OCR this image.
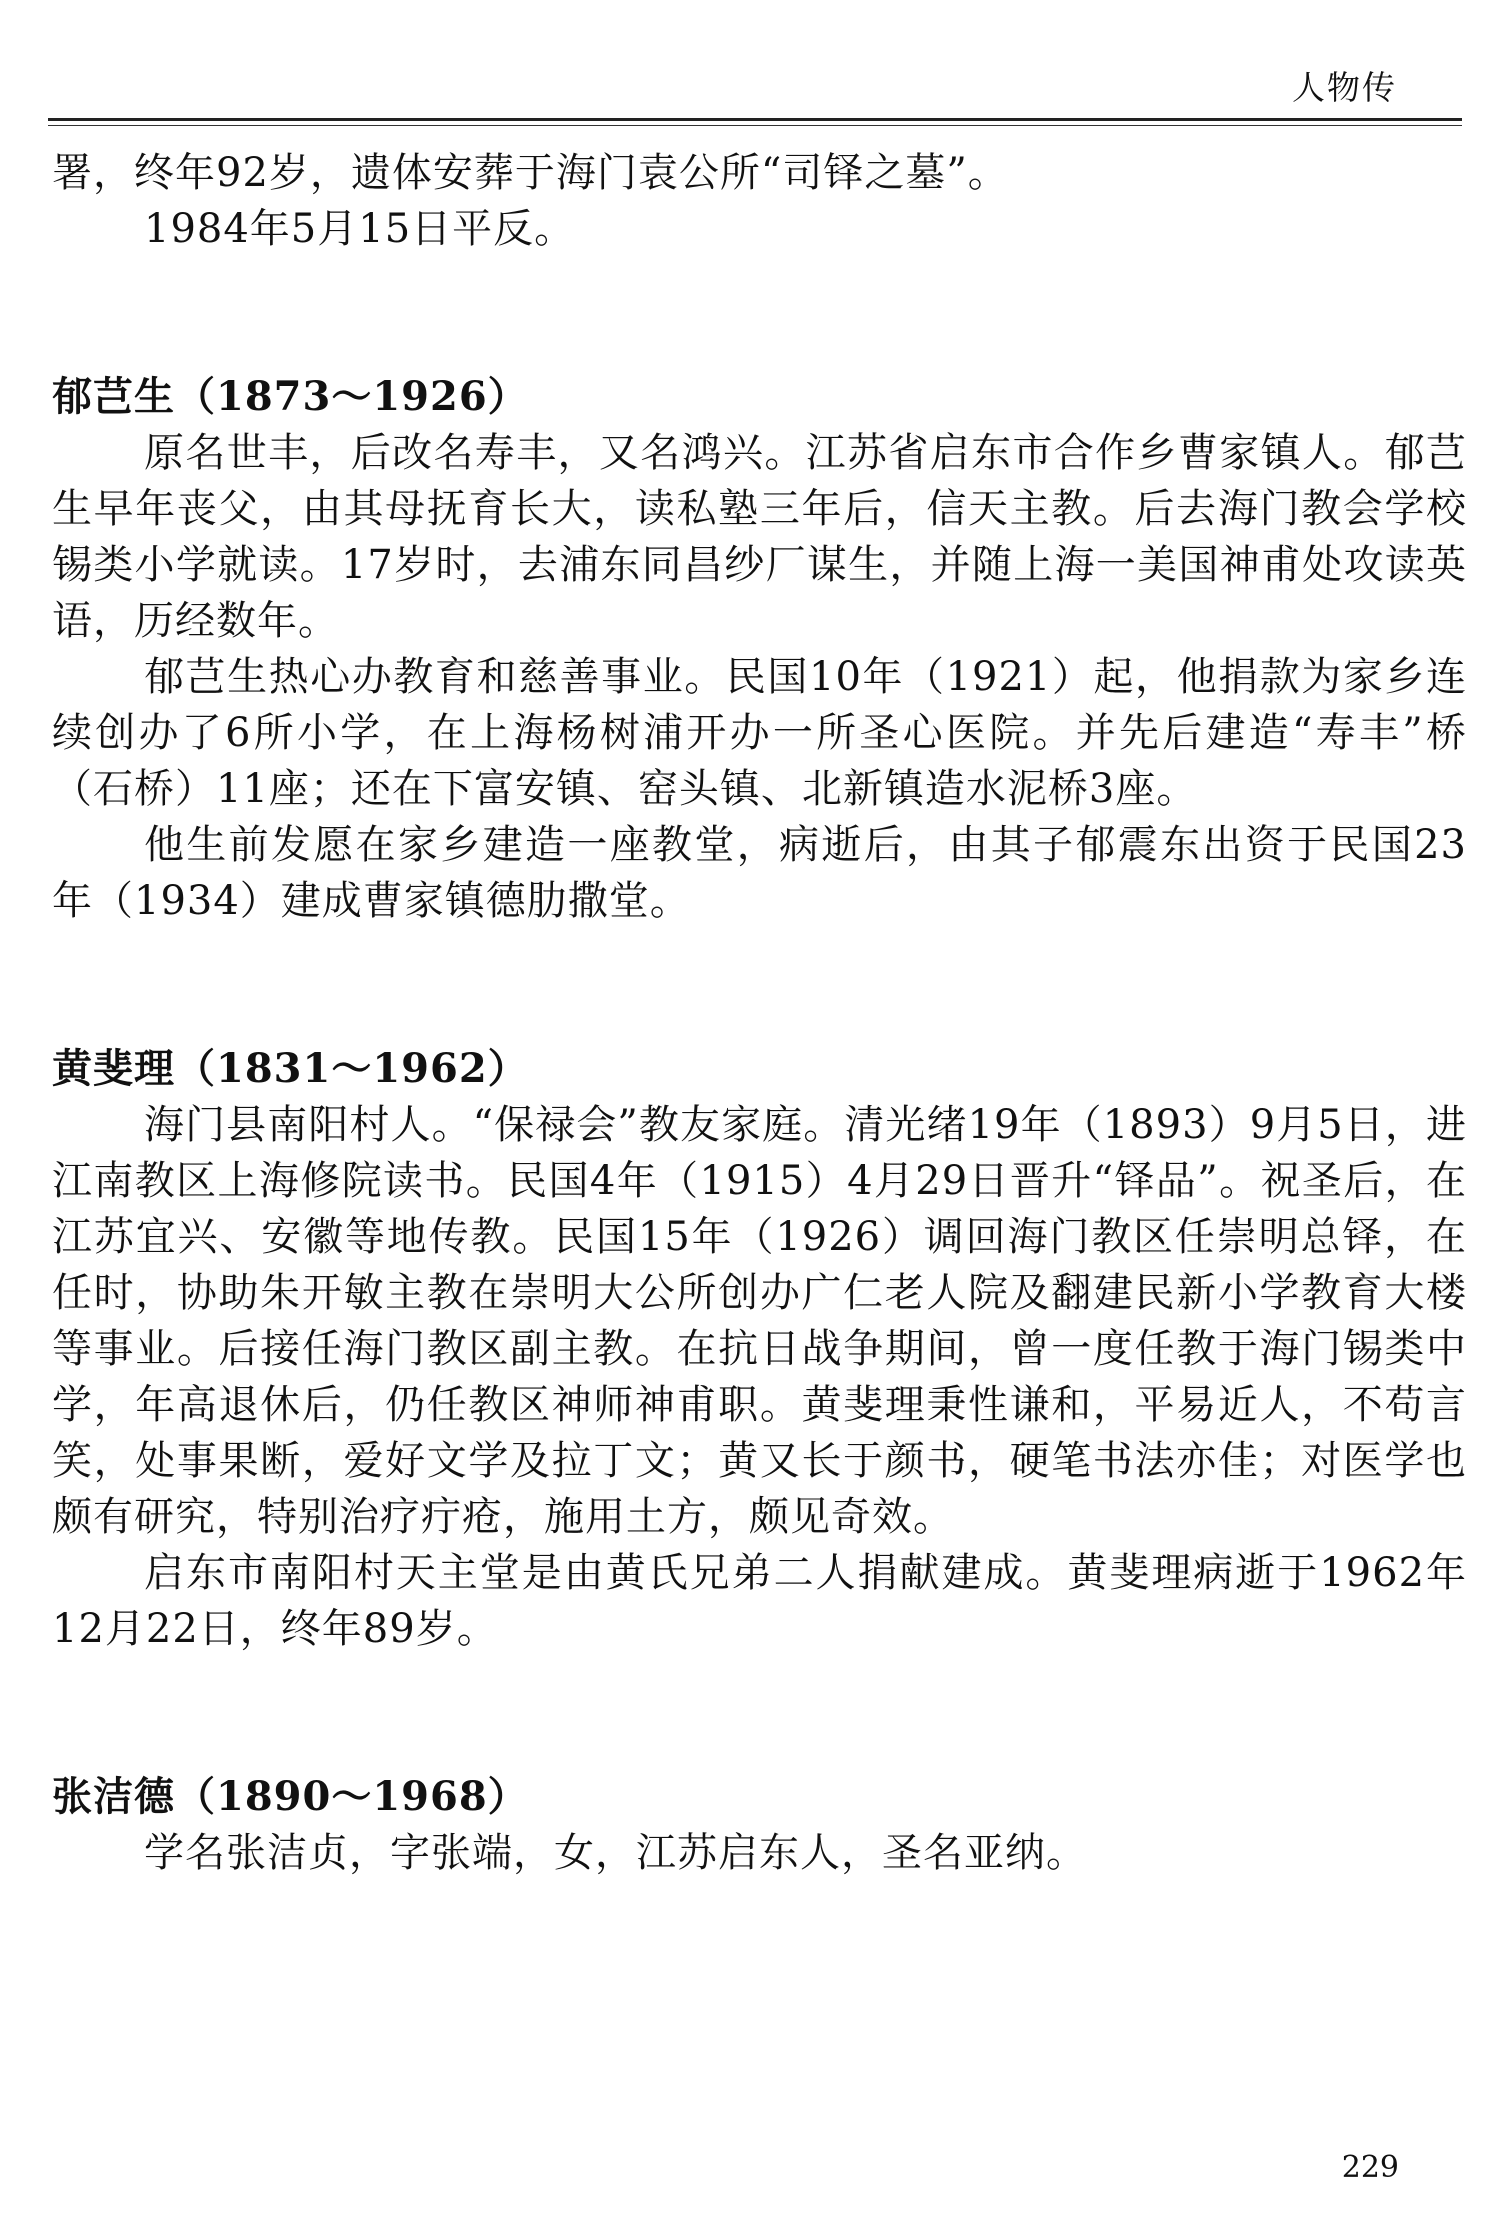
人物传

署，终年92岁，遗体安葬于海门袁公所“司铎之墓”。

1984年5月15日平反。

郁芑生（1873～1926）

原名世丰，后改名寿丰，又名鸿兴。江苏省启东市合作乡曹家镇人。郁芑生早年丧父，由其母抚育长大，读私塾三年后，信天主教。后去海门教会学校锡类小学就读。17岁时，去浦东同昌纱厂谋生，并随上海一美国神甫处攻读英语，历经数年。

郁芑生热心办教育和慈善事业。民国10年（1921）起，他捐款为家乡连续创办了6所小学，在上海杨树浦开办一所圣心医院。并先后建造“寿丰”桥（石桥）11座；还在下富安镇、窑头镇、北新镇造水泥桥3座。

他生前发愿在家乡建造一座教堂，病逝后，由其子郁震东出资于民国23年（1934）建成曹家镇德肋撒堂。

黄斐理（1831～1962）

海门县南阳村人。“保禄会”教友家庭。清光绪19年（1893）9月5日，进江南教区上海修院读书。民国4年（1915）4月29日晋升“铎品”。祝圣后，在江苏宜兴、安徽等地传教。民国15年（1926）调回海门教区任崇明总铎，在任时，协助朱开敏主教在崇明大公所创办广仁老人院及翻建民新小学教育大楼等事业。后接任海门教区副主教。在抗日战争期间，曾一度任教于海门锡类中学，年高退休后，仍任教区神师神甫职。黄斐理秉性谦和，平易近人，不苟言笑，处事果断，爱好文学及拉丁文；黄又长于颜书，硬笔书法亦佳；对医学也颇有研究，特别治疗疔疮，施用土方，颇见奇效。

启东市南阳村天主堂是由黄氏兄弟二人捐献建成。黄斐理病逝于1962年12月22日，终年89岁。

张洁德（1890～1968）

学名张洁贞，字张端，女，江苏启东人，圣名亚纳。

229
